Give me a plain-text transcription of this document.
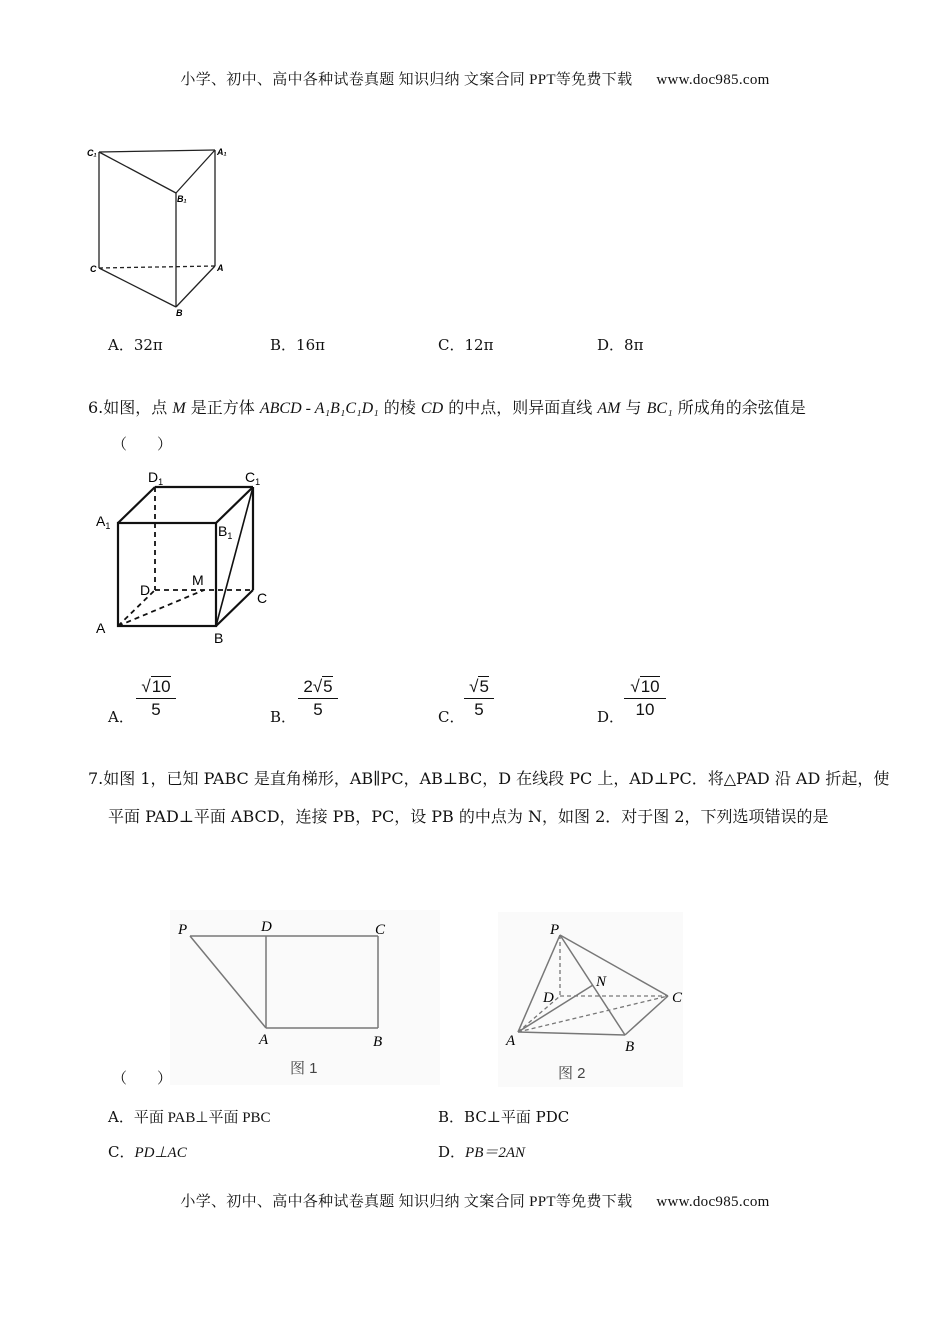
小学、初中、高中各种试卷真题 知识归纳 文案合同 PPT等免费下载 www.doc985.com
C₁	A₁
B₁
C	A
B
A．32π	B．16π	C．12π	D．8π
6.如图，点 M 是正方体 ABCD - A₁B₁C₁D₁ 的棱 CD 的中点，则异面直线 AM 与 BC₁ 所成角的余弦值是
（　　）
$D_1$	$C_1$
$A_1$	$B_1$
D
M
C
A
B
A． $\frac{√10}{5}$	B． $\frac{2√5}{5}$	C． $\frac{√5}{5}$	D． $\frac{√10}{10}$
7.如图 1，已知 PABC 是直角梯形，AB∥PC，AB⊥BC，D 在线段 PC 上，AD⊥PC．将△PAD 沿 AD 折起，使
平面 PAD⊥平面 ABCD，连接 PB，PC，设 PB 的中点为 N，如图 2．对于图 2，下列选项错误的是
P	D	C
A	B
图 1
P
D
N
C
A	B
图 2
（　　）
A．平面 PAB⊥平面 PBC	B．BC⊥平面 PDC
C．PD⊥AC	D．PB＝2AN
小学、初中、高中各种试卷真题 知识归纳 文案合同 PPT等免费下载 www.doc985.com
